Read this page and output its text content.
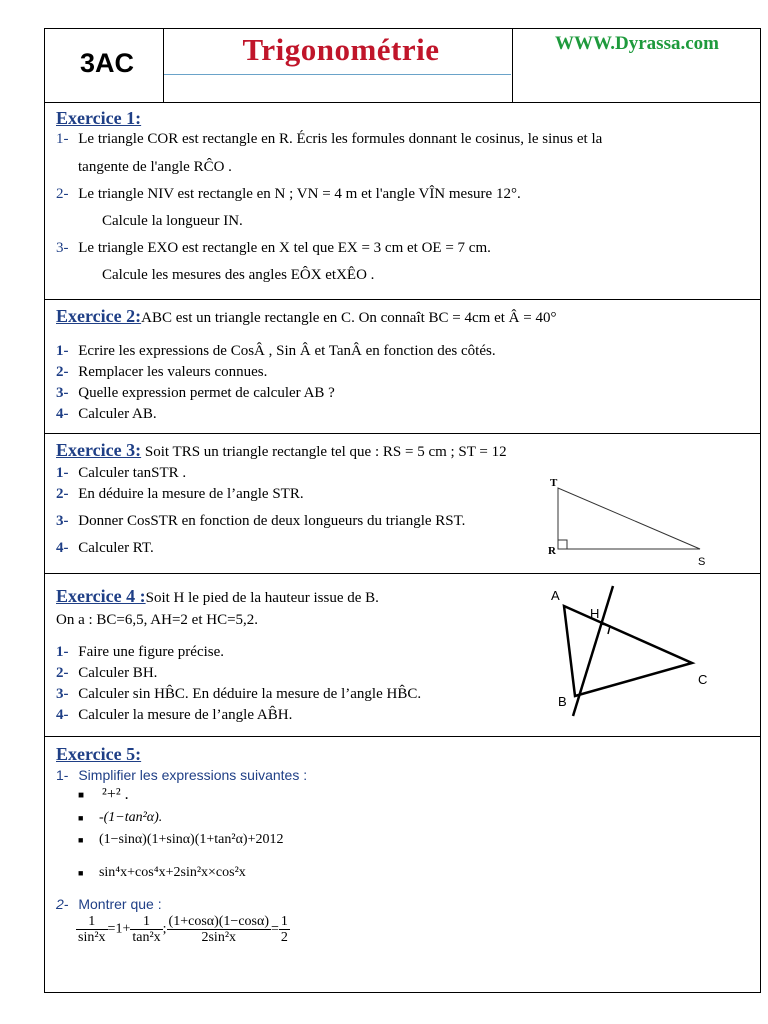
3AC	Trigonométrie	WWW.Dyrassa.com
Exercice 1:
1- Le triangle COR est rectangle en R. Écris les formules donnant le cosinus, le sinus et la
tangente de l'angle RĈO .
2- Le triangle NIV est rectangle en N ; VN = 4 m et l'angle VÎN mesure 12°.
Calcule la longueur IN.
3- Le triangle EXO est rectangle en X tel que EX = 3 cm et OE = 7 cm.
Calcule les mesures des angles EÔX etXÊO .
Exercice 2:ABC est un triangle rectangle en C. On connaît BC = 4cm et Â = 40°
1- Ecrire les expressions de CosÂ , Sin Â et TanÂ en fonction des côtés.
2- Remplacer les valeurs connues.
3- Quelle expression permet de calculer AB ?
4- Calculer AB.
Exercice 3: Soit TRS un triangle rectangle tel que : RS = 5 cm ; ST = 12
1- Calculer tanSTR .
2- En déduire la mesure de l’angle STR.
3- Donner CosSTR en fonction de deux longueurs du triangle RST.
4- Calculer RT.
T
R
S
Exercice 4 :Soit H le pied de la hauteur issue de B.
On a : BC=6,5, AH=2 et HC=5,2.
1- Faire une figure précise.
2- Calculer BH.
3- Calculer sin HB̂C. En déduire la mesure de l’angle HB̂C.
4- Calculer la mesure de l’angle AB̂H.
A
H
B
C
Exercice 5:
1- Simplifier les expressions suivantes :
■ ²+² .
■ -(1−tan²α).
■ (1−sinα)(1+sinα)(1+tan²α)+2012
■ sin⁴x+cos⁴x+2sin²x×cos²x
2- Montrer que :
$\frac{1}{\text{sin²x}} =1+ \frac{1}{\text{tan²x}}$ ; $\frac{(1+\cos\alpha)(1-\cos\alpha)}{\text{2sin²x}} = \frac{1}{2}$
